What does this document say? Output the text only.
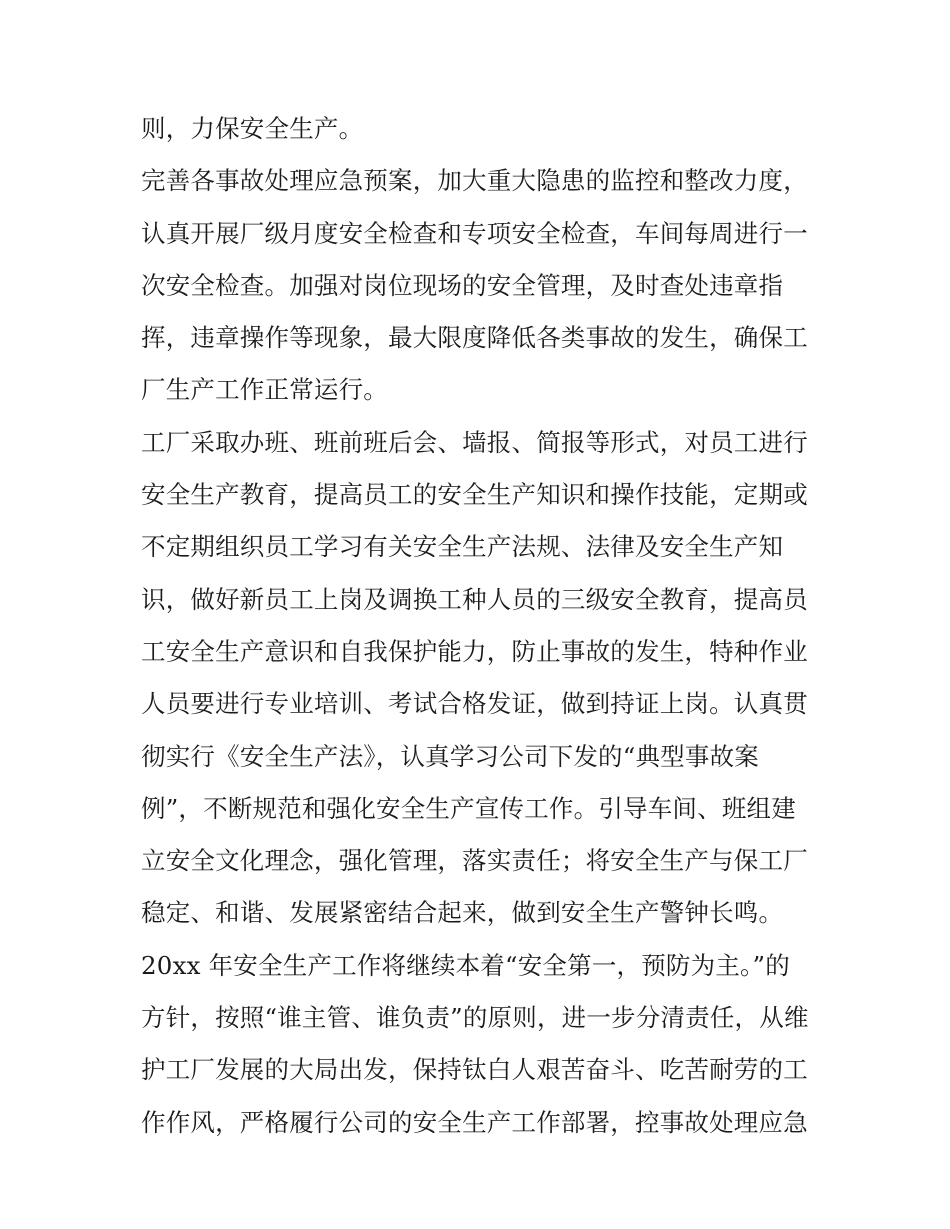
则，力保安全生产。
完善各事故处理应急预案，加大重大隐患的监控和整改力度，
认真开展厂级月度安全检查和专项安全检查，车间每周进行一
次安全检查。加强对岗位现场的安全管理，及时查处违章指
挥，违章操作等现象，最大限度降低各类事故的发生，确保工
厂生产工作正常运行。
工厂采取办班、班前班后会、墙报、简报等形式，对员工进行
安全生产教育，提高员工的安全生产知识和操作技能，定期或
不定期组织员工学习有关安全生产法规、法律及安全生产知
识，做好新员工上岗及调换工种人员的三级安全教育，提高员
工安全生产意识和自我保护能力，防止事故的发生，特种作业
人员要进行专业培训、考试合格发证，做到持证上岗。认真贯
彻实行《安全生产法》，认真学习公司下发的“典型事故案
例”，不断规范和强化安全生产宣传工作。引导车间、班组建
立安全文化理念，强化管理，落实责任；将安全生产与保工厂
稳定、和谐、发展紧密结合起来，做到安全生产警钟长鸣。
20xx 年安全生产工作将继续本着“安全第一，预防为主。”的
方针，按照“谁主管、谁负责”的原则，进一步分清责任，从维
护工厂发展的大局出发，保持钛白人艰苦奋斗、吃苦耐劳的工
作作风，严格履行公司的安全生产工作部署，控事故处理应急
